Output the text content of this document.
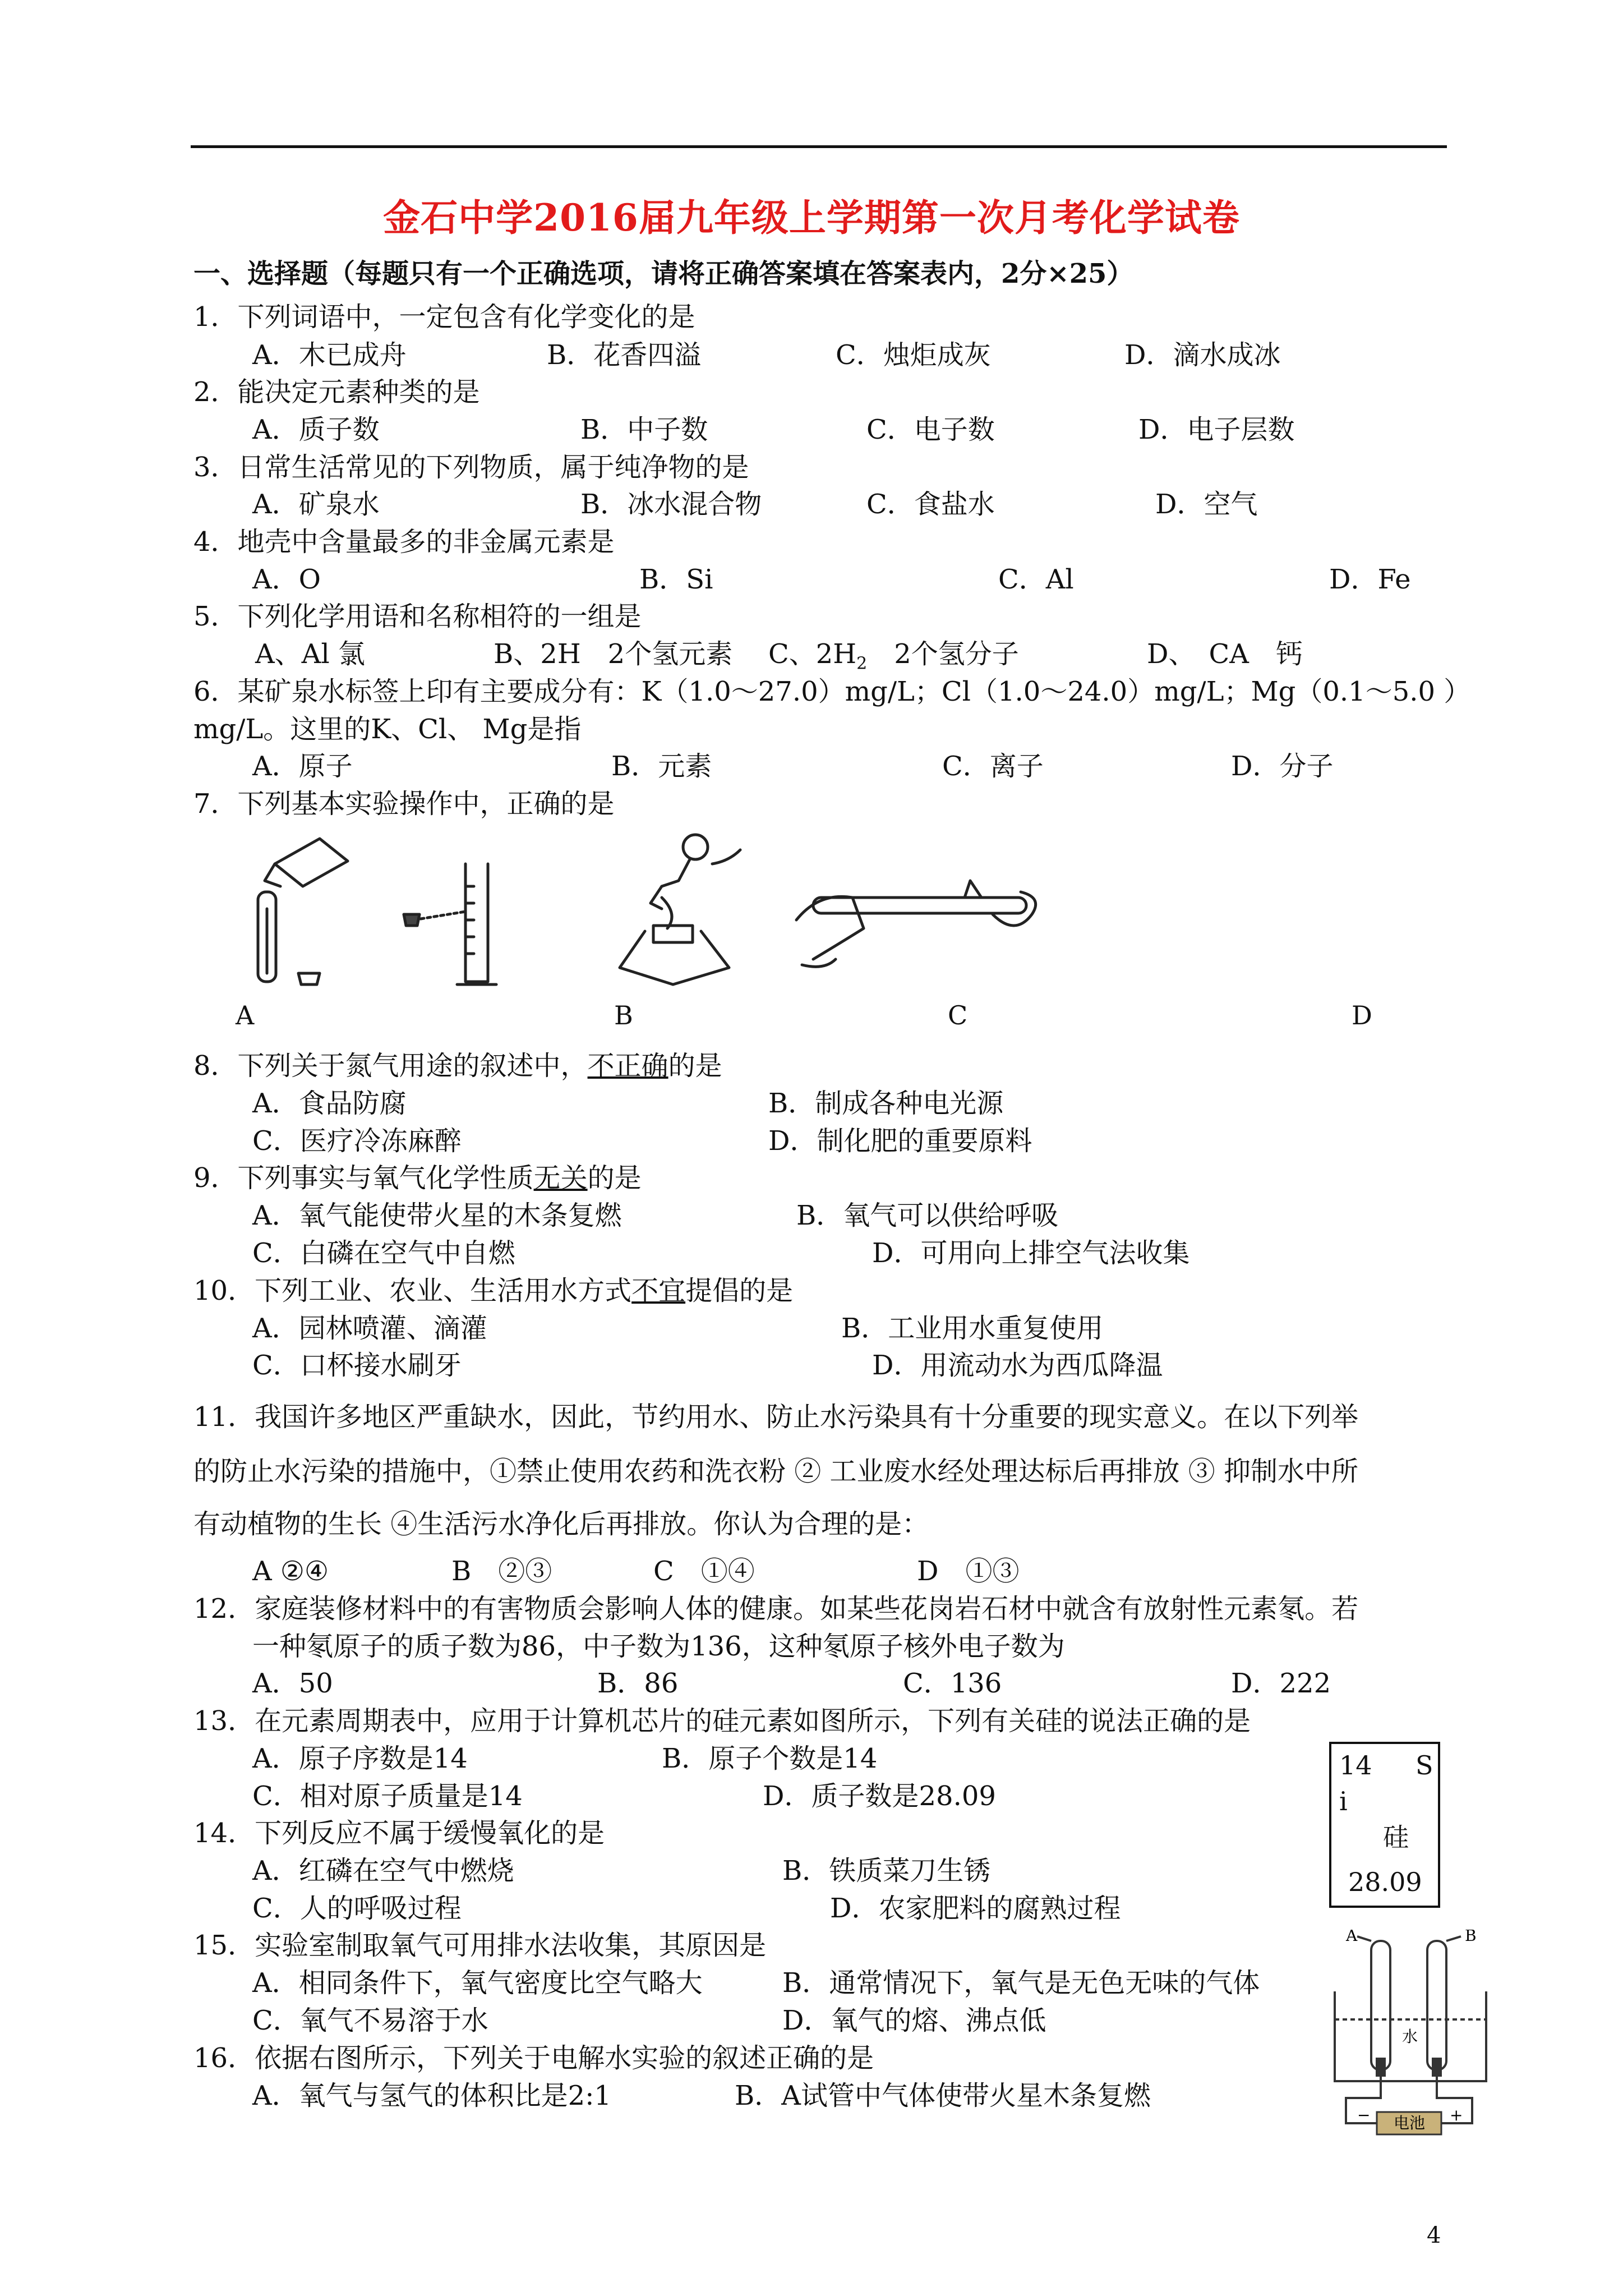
金石中学2016届九年级上学期第一次月考化学试卷
一、选择题（每题只有一个正确选项，请将正确答案填在答案表内，2分×25）
1．下列词语中，一定包含有化学变化的是
A．木已成舟	B．花香四溢	C．烛炬成灰	D．滴水成冰
2．能决定元素种类的是
A．质子数	B．中子数	C．电子数	D．电子层数
3．日常生活常见的下列物质，属于纯净物的是
A．矿泉水	B．冰水混合物	C．食盐水	D．空气
4．地壳中含量最多的非金属元素是
A．O	B．Si	C．Al	D．Fe
5．下列化学用语和名称相符的一组是
A、Al 氯	B、2H　2个氢元素 C、$2H_2$　2个氢分子	D、　CA　钙
6．某矿泉水标签上印有主要成分有：K（1.0～27.0）mg/L；Cl（1.0～24.0）mg/L；Mg（0.1～5.0 ）
mg/L。这里的K、Cl、 Mg是指
A．原子	B．元素	C．离子	D．分子
7．下列基本实验操作中，正确的是
A	B	C	D
8．下列关于氮气用途的叙述中，不正确的是
A．食品防腐	B．制成各种电光源
C．医疗冷冻麻醉	D．制化肥的重要原料
9．下列事实与氧气化学性质无关的是
A．氧气能使带火星的木条复燃	B．氧气可以供给呼吸
C．白磷在空气中自燃	D．可用向上排空气法收集
10．下列工业、农业、生活用水方式不宜提倡的是
A．园林喷灌、滴灌	B．工业用水重复使用
C．口杯接水刷牙	D．用流动水为西瓜降温
11．我国许多地区严重缺水，因此，节约用水、防止水污染具有十分重要的现实意义。在以下列举
的防止水污染的措施中，①禁止使用农药和洗衣粉 ② 工业废水经处理达标后再排放 ③ 抑制水中所
有动植物的生长 ④生活污水净化后再排放。你认为合理的是：
A ②④	B　②③	C　①④	D　①③
12．家庭装修材料中的有害物质会影响人体的健康。如某些花岗岩石材中就含有放射性元素氡。若
一种氡原子的质子数为86，中子数为136，这种氡原子核外电子数为
A．50	B．86	C．136	D．222
13．在元素周期表中，应用于计算机芯片的硅元素如图所示，下列有关硅的说法正确的是
A．原子序数是14	B．原子个数是14
C．相对原子质量是14	D．质子数是28.09
14 S
i
硅
28.09
14．下列反应不属于缓慢氧化的是
A．红磷在空气中燃烧	B．铁质菜刀生锈
C．人的呼吸过程	D．农家肥料的腐熟过程
15．实验室制取氧气可用排水法收集，其原因是
A．相同条件下，氧气密度比空气略大	B．通常情况下，氧气是无色无味的气体
C．氧气不易溶于水	D．氧气的熔、沸点低
16．依据右图所示，下列关于电解水实验的叙述正确的是
A．氧气与氢气的体积比是2:1	B．A试管中气体使带火星木条复燃
A	B
水
电池
−	+
4
